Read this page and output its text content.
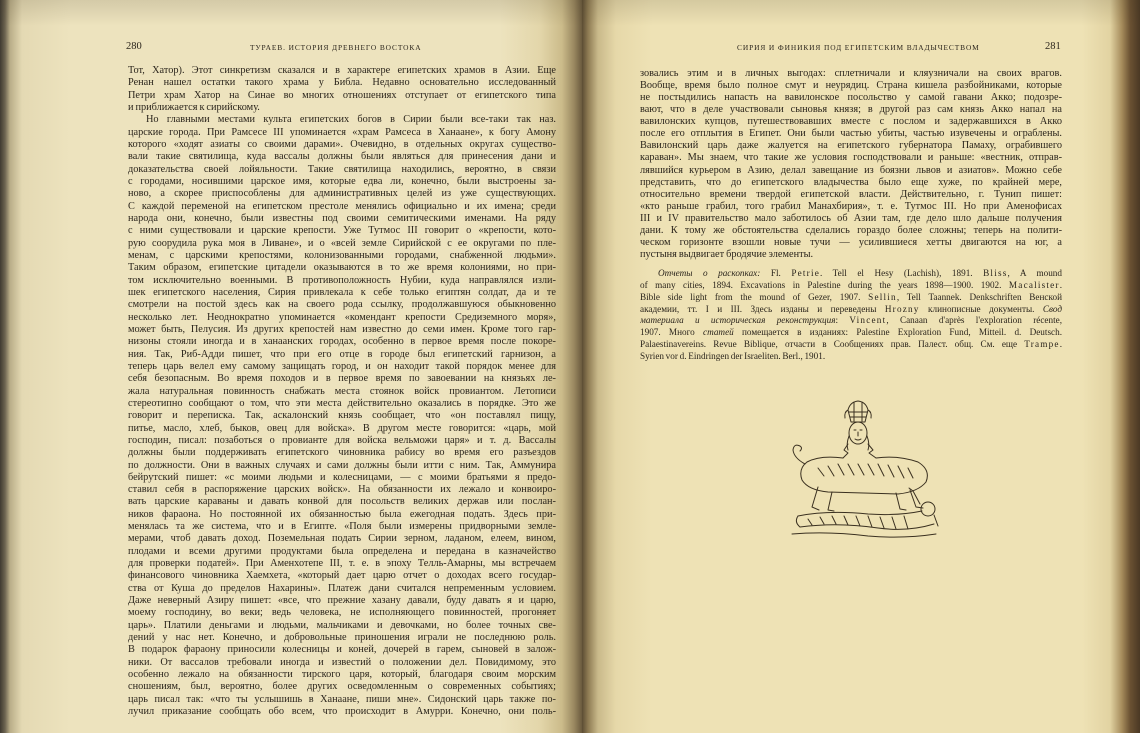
280	ТУРАЕВ. ИСТОРИЯ ДРЕВНЕГО ВОСТОКА
Тот, Хатор). Этот синкретизм сказался и в характере египетских храмов в Азии. Еще
Ренан нашел остатки такого храма у Библа. Недавно основательно исследованный
Петри храм Хатор на Синае во многих отношениях отступает от египетского типа
и приближается к сирийскому.
Но главными местами культа египетских богов в Сирии были все-таки так наз.
царские города. При Рамсесе III упоминается «храм Рамсеса в Ханаане», к богу Амону
которого «ходят азиаты со своими дарами». Очевидно, в отдельных округах существо-
вали такие святилища, куда вассалы должны были являться для принесения дани и
доказательства своей лойяльности. Такие святилища находились, вероятно, в связи
с городами, носившими царское имя, которые едва ли, конечно, были выстроены за-
ново, а скорее приспособлены для административных целей из уже существующих.
С каждой переменой на египетском престоле менялись официально и их имена; среди
народа они, конечно, были известны под своими семитическими именами. На ряду
с ними существовали и царские крепости. Уже Тутмос III говорит о «крепости, кото-
рую соорудила рука моя в Ливане», и о «всей земле Сирийской с ее округами по пле-
менам, с царскими крепостями, колонизованными городами, снабженной людьми».
Таким образом, египетские цитадели оказываются в то же время колониями, но при-
том исключительно военными. В противоположность Нубии, куда направлялся изли-
шек египетского населения, Сирия привлекала к себе только египтян солдат, да и те
смотрели на постой здесь как на своего рода ссылку, продолжавшуюся обыкновенно
несколько лет. Неоднократно упоминается «комендант крепости Средиземного моря»,
может быть, Пелусия. Из других крепостей нам известно до семи имен. Кроме того гар-
низоны стояли иногда и в ханаанских городах, особенно в первое время после покоре-
ния. Так, Риб-Адди пишет, что при его отце в городе был египетский гарнизон, а
теперь царь велел ему самому защищать город, и он находит такой порядок менее для
себя безопасным. Во время походов и в первое время по завоевании на князьях ле-
жала натуральная повинность снабжать места стоянок войск провиантом. Летописи
стереотипно сообщают о том, что эти места действительно оказались в порядке. Это же
говорит и переписка. Так, аскалонский князь сообщает, что «он поставлял пищу,
питье, масло, хлеб, быков, овец для войска». В другом месте говорится: «царь, мой
господин, писал: позаботься о провианте для войска вельможи царя» и т. д. Вассалы
должны были поддерживать египетского чиновника рабису во время его разъездов
по должности. Они в важных случаях и сами должны были итти с ним. Так, Аммунира
бейрутский пишет: «с моими людьми и колесницами, — с моими братьями я предо-
ставил себя в распоряжение царских войск». На обязанности их лежало и конвоиро-
вать царские караваны и давать конвой для посольств великих держав или послан-
ников фараона. Но постоянной их обязанностью была ежегодная подать. Здесь при-
менялась та же система, что и в Египте. «Поля были измерены придворными земле-
мерами, чтоб давать доход. Поземельная подать Сирии зерном, ладаном, елеем, вином,
плодами и всеми другими продуктами была определена и передана в казначейство
для проверки податей». При Аменхотепе III, т. е. в эпоху Телль-Амарны, мы встречаем
финансового чиновника Хаемхета, «который дает царю отчет о доходах всего государ-
ства от Куша до пределов Нахарины». Платеж дани считался непременным условием.
Даже неверный Азиру пишет: «все, что прежние хазану давали, буду давать я и царю,
моему господину, во веки; ведь человека, не исполняющего повинностей, прогоняет
царь». Платили деньгами и людьми, мальчиками и девочками, но более точных све-
дений у нас нет. Конечно, и добровольные приношения играли не последнюю роль.
В подарок фараону приносили колесницы и коней, дочерей в гарем, сыновей в залож-
ники. От вассалов требовали иногда и известий о положении дел. Повидимому, это
особенно лежало на обязанности тирского царя, который, благодаря своим морским
сношениям, был, вероятно, более других осведомленным о современных событиях;
царь писал так: «что ты услышишь в Ханаане, пиши мне». Сидонский царь также по-
лучил приказание сообщать обо всем, что происходит в Амурри. Конечно, они поль-
СИРИЯ И ФИНИКИЯ ПОД ЕГИПЕТСКИМ ВЛАДЫЧЕСТВОМ	281
зовались этим и в личных выгодах: сплетничали и кляузничали на своих врагов.
Вообще, время было полное смут и неурядиц. Страна кишела разбойниками, которые
не постыдились напасть на вавилонское посольство у самой гавани Акко; подозре-
вают, что в деле участвовали сыновья князя; в другой раз сам князь Акко напал на
вавилонских купцов, путешествовавших вместе с послом и задержавшихся в Акко
после его отплытия в Египет. Они были частью убиты, частью изувечены и ограблены.
Вавилонский царь даже жалуется на египетского губернатора Памаху, ограбившего
караван». Мы знаем, что такие же условия господствовали и раньше: «вестник, отправ-
лявшийся курьером в Азию, делал завещание из боязни львов и азиатов». Можно себе
представить, что до египетского владычества было еще хуже, по крайней мере,
относительно времени твердой египетской власти. Действительно, г. Тунип пишет:
«кто раньше грабил, того грабил Манахбирия», т. е. Тутмос III. Но при Аменофисах
III и IV правительство мало заботилось об Азии там, где дело шло дальше получения
дани. К тому же обстоятельства сделались гораздо более сложны; теперь на полити-
ческом горизонте взошли новые тучи — усилившиеся хетты двигаются на юг, а
пустыня выдвигает бродячие элементы.
Отчеты о раскопках: Fl. Petrie. Tell el Hesy (Lachish), 1891. Bliss, A mound
of many cities, 1894. Excavations in Palestine during the years 1898—1900. 1902. Macalister.
Bible side light from the mound of Gezer, 1907. Sellin, Tell Taannek. Denkschriften Венской
академии, тт. I и III. Здесь изданы и переведены Hrozny клинописные документы. Свод
материала и историческая реконструкция: Vincent, Canaan d'après l'exploration récente,
1907. Много статей помещается в изданиях: Palestine Exploration Fund, Mitteil. d. Deutsch.
Palaestinavereins. Revue Biblique, отчасти в Сообщениях прав. Палест. общ. См. еще Trampe.
Syrien vor d. Eindringen der Israeliten. Berl., 1901.
